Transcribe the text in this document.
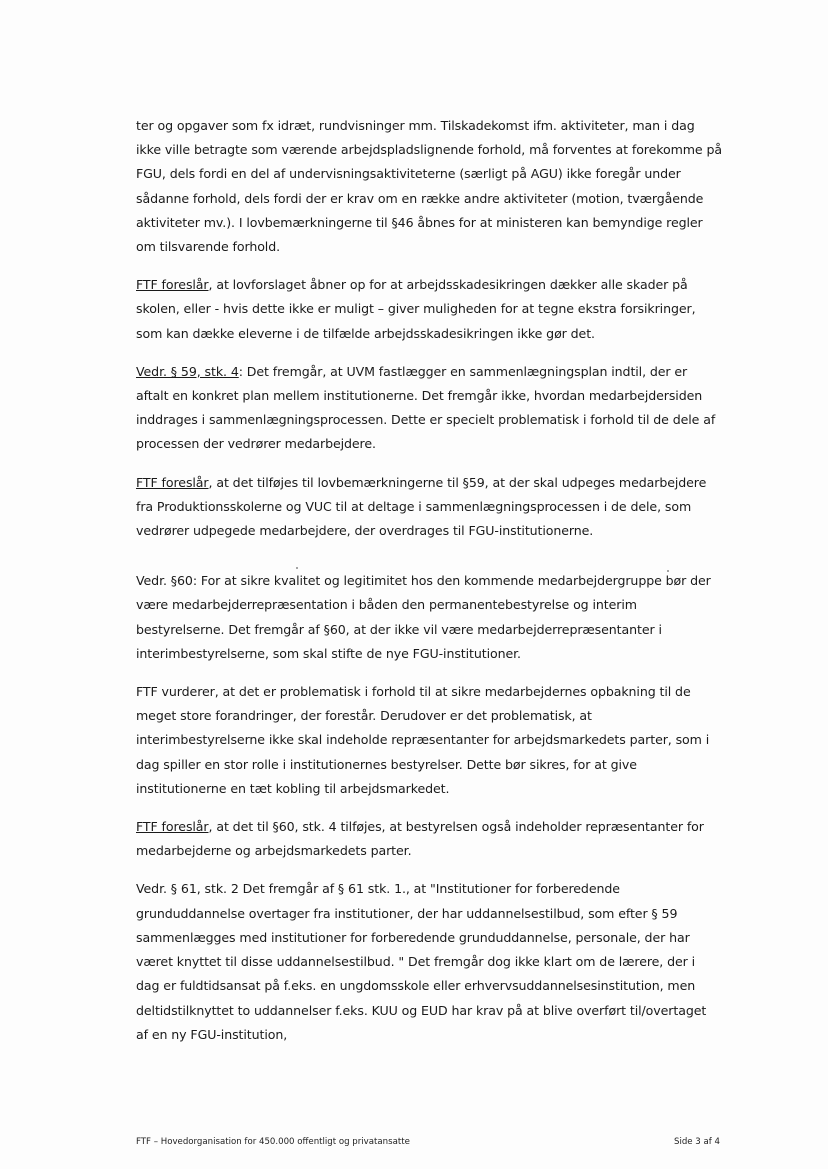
ter og opgaver som fx idræt, rundvisninger mm. Tilskadekomst ifm. aktiviteter, man i dag ikke ville betragte som værende arbejdspladslignende forhold, må forventes at forekomme på FGU, dels fordi en del af undervisningsaktiviteterne (særligt på AGU) ikke foregår under sådanne forhold, dels fordi der er krav om en række andre aktiviteter (motion, tværgående aktiviteter mv.). I lovbemærkningerne til §46 åbnes for at ministeren kan bemyndige regler om tilsvarende forhold.

FTF foreslår, at lovforslaget åbner op for at arbejdsskadesikringen dækker alle skader på skolen, eller - hvis dette ikke er muligt – giver muligheden for at tegne ekstra forsikringer, som kan dække eleverne i de tilfælde arbejdsskadesikringen ikke gør det.

Vedr. § 59, stk. 4: Det fremgår, at UVM fastlægger en sammenlægningsplan indtil, der er aftalt en konkret plan mellem institutionerne. Det fremgår ikke, hvordan medarbejdersiden inddrages i sammenlægningsprocessen. Dette er specielt problematisk i forhold til de dele af processen der vedrører medarbejdere.

FTF foreslår, at det tilføjes til lovbemærkningerne til §59, at der skal udpeges medarbejdere fra Produktionsskolerne og VUC til at deltage i sammenlægningsprocessen i de dele, som vedrører udpegede medarbejdere, der overdrages til FGU-institutionerne.

Vedr. §60: For at sikre kvalitet og legitimitet hos den kommende medarbejdergruppe bør der være medarbejderrepræsentation i båden den permanentebestyrelse og interim bestyrelserne. Det fremgår af §60, at der ikke vil være medarbejderrepræsentanter i interimbestyrelserne, som skal stifte de nye FGU-institutioner.

FTF vurderer, at det er problematisk i forhold til at sikre medarbejdernes opbakning til de meget store forandringer, der forestår. Derudover er det problematisk, at interimbestyrelserne ikke skal indeholde repræsentanter for arbejdsmarkedets parter, som i dag spiller en stor rolle i institutionernes bestyrelser. Dette bør sikres, for at give institutionerne en tæt kobling til arbejdsmarkedet.

FTF foreslår, at det til §60, stk. 4 tilføjes, at bestyrelsen også indeholder repræsentanter for medarbejderne og arbejdsmarkedets parter.

Vedr. § 61, stk. 2 Det fremgår af § 61 stk. 1., at "Institutioner for forberedende grunduddannelse overtager fra institutioner, der har uddannelsestilbud, som efter § 59 sammenlægges med institutioner for forberedende grunduddannelse, personale, der har været knyttet til disse uddannelsestilbud. " Det fremgår dog ikke klart om de lærere, der i dag er fuldtidsansat på f.eks. en ungdomsskole eller erhvervsuddannelsesinstitution, men deltidstilknyttet to uddannelser f.eks. KUU og EUD har krav på at blive overført til/overtaget af en ny FGU-institution,

FTF – Hovedorganisation for 450.000 offentligt og privatansatte	Side 3 af 4
